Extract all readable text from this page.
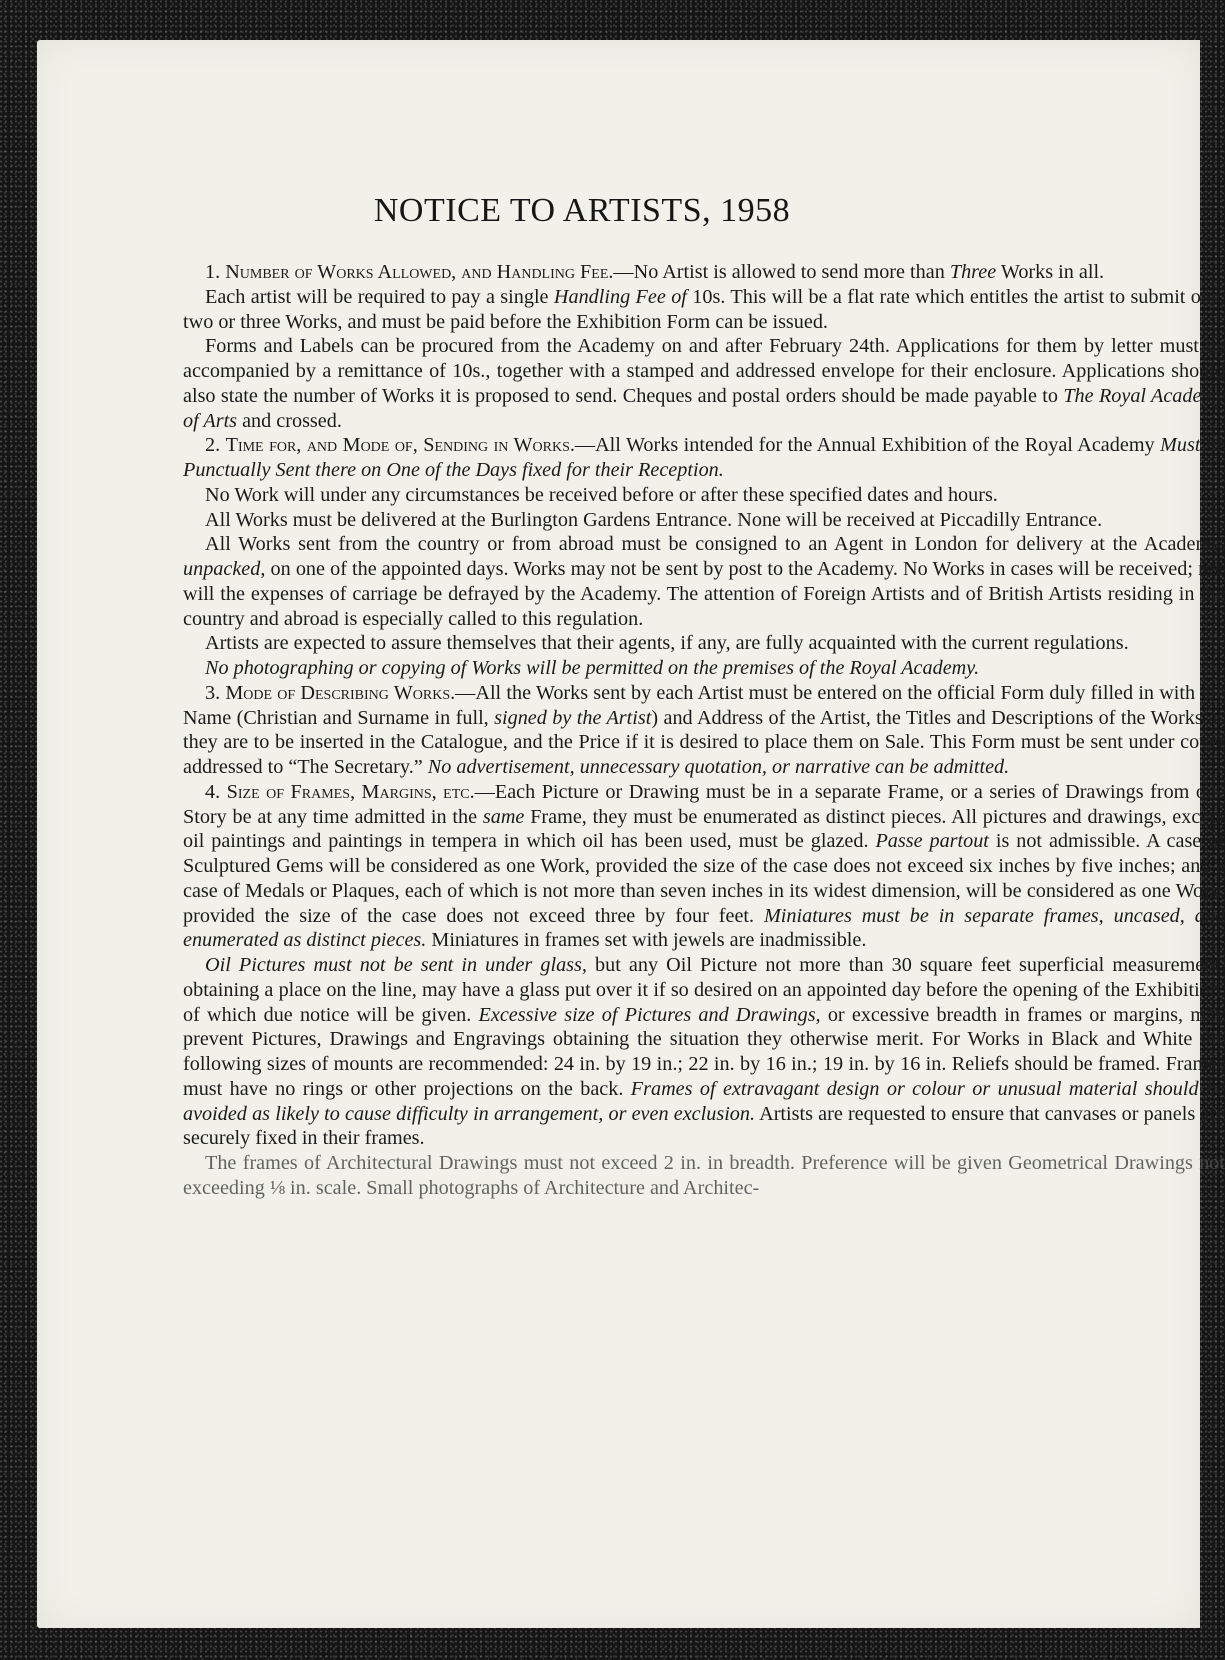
NOTICE TO ARTISTS, 1958

1. Number of Works Allowed, and Handling Fee.—No Artist is allowed to send more than Three Works in all.

Each artist will be required to pay a single Handling Fee of 10s. This will be a flat rate which entitles the artist to submit one, two or three Works, and must be paid before the Exhibition Form can be issued.

Forms and Labels can be procured from the Academy on and after February 24th. Applications for them by letter must be accompanied by a remittance of 10s., together with a stamped and addressed envelope for their enclosure. Applications should also state the number of Works it is proposed to send. Cheques and postal orders should be made payable to The Royal Academy of Arts and crossed.

2. Time for, and Mode of, Sending in Works.—All Works intended for the Annual Exhibition of the Royal Academy Must be Punctually Sent there on One of the Days fixed for their Reception.

No Work will under any circumstances be received before or after these specified dates and hours.

All Works must be delivered at the Burlington Gardens Entrance. None will be received at Piccadilly Entrance.

All Works sent from the country or from abroad must be consigned to an Agent in London for delivery at the Academy, unpacked, on one of the appointed days. Works may not be sent by post to the Academy. No Works in cases will be received; nor will the expenses of carriage be defrayed by the Academy. The attention of Foreign Artists and of British Artists residing in the country and abroad is especially called to this regulation.

Artists are expected to assure themselves that their agents, if any, are fully acquainted with the current regulations.

No photographing or copying of Works will be permitted on the premises of the Royal Academy.

3. Mode of Describing Works.—All the Works sent by each Artist must be entered on the official Form duly filled in with the Name (Christian and Surname in full, signed by the Artist) and Address of the Artist, the Titles and Descriptions of the Works as they are to be inserted in the Catalogue, and the Price if it is desired to place them on Sale. This Form must be sent under cover addressed to “The Secretary.” No advertisement, unnecessary quotation, or narrative can be admitted.

4. Size of Frames, Margins, etc.—Each Picture or Drawing must be in a separate Frame, or a series of Drawings from one Story be at any time admitted in the same Frame, they must be enumerated as distinct pieces. All pictures and drawings, except oil paintings and paintings in tempera in which oil has been used, must be glazed. Passe partout is not admissible. A case of Sculptured Gems will be considered as one Work, provided the size of the case does not exceed six inches by five inches; and a case of Medals or Plaques, each of which is not more than seven inches in its widest dimension, will be considered as one Work, provided the size of the case does not exceed three by four feet. Miniatures must be in separate frames, uncased, and enumerated as distinct pieces. Miniatures in frames set with jewels are inadmissible.

Oil Pictures must not be sent in under glass, but any Oil Picture not more than 30 square feet superficial measurement, obtaining a place on the line, may have a glass put over it if so desired on an appointed day before the opening of the Exhibition, of which due notice will be given. Excessive size of Pictures and Drawings, or excessive breadth in frames or margins, may prevent Pictures, Drawings and Engravings obtaining the situation they otherwise merit. For Works in Black and White the following sizes of mounts are recommended: 24 in. by 19 in.; 22 in. by 16 in.; 19 in. by 16 in. Reliefs should be framed. Frames must have no rings or other projections on the back. Frames of extravagant design or colour or unusual material should be avoided as likely to cause difficulty in arrangement, or even exclusion. Artists are requested to ensure that canvases or panels are securely fixed in their frames.

The frames of Architectural Drawings must not exceed 2 in. in breadth. Preference will be given Geometrical Drawings not exceeding ⅛ in. scale. Small photographs of Architecture and Architec-
